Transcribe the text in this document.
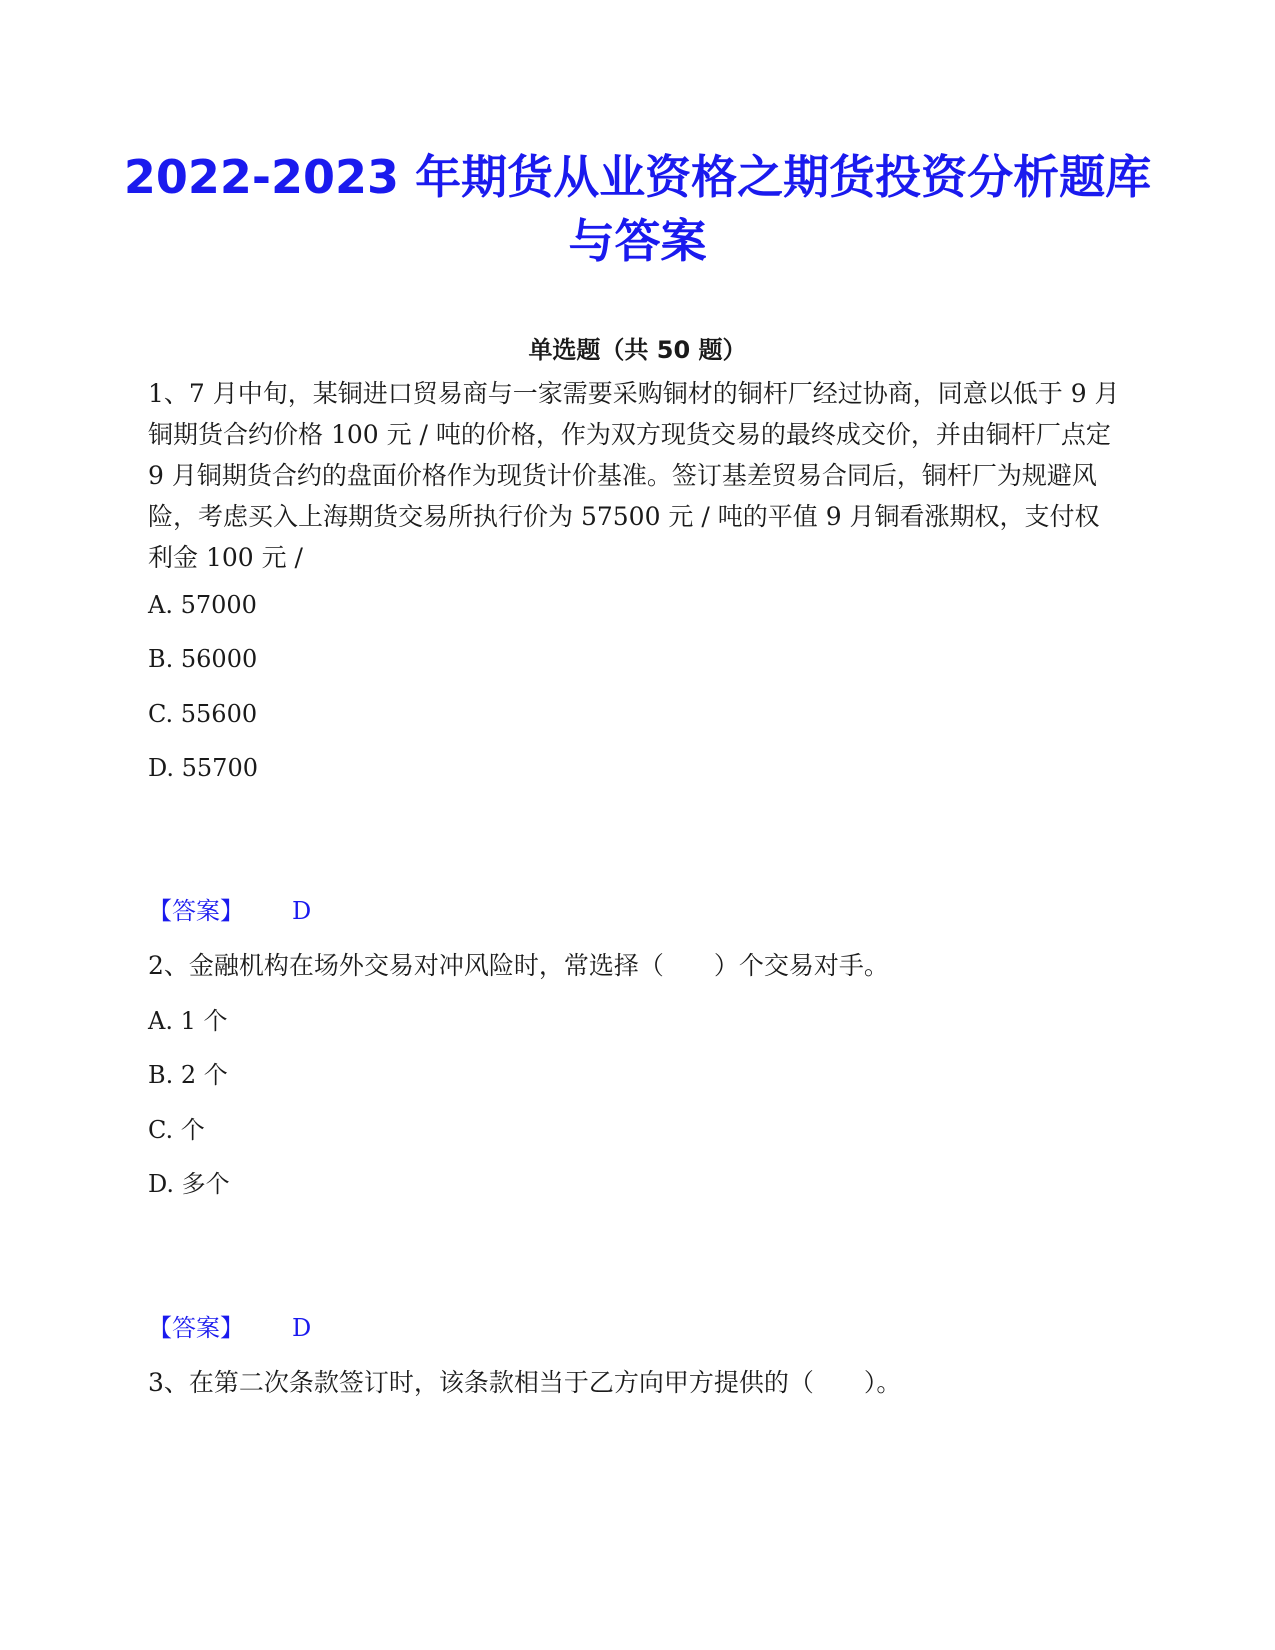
2022-2023 年期货从业资格之期货投资分析题库与答案
单选题（共 50 题）
1、7 月中旬，某铜进口贸易商与一家需要采购铜材的铜杆厂经过协商，同意以低于 9 月铜期货合约价格 100 元 / 吨的价格，作为双方现货交易的最终成交价，并由铜杆厂点定 9 月铜期货合约的盘面价格作为现货计价基准。签订基差贸易合同后，铜杆厂为规避风险，考虑买入上海期货交易所执行价为 57500 元 / 吨的平值 9 月铜看涨期权，支付权利金 100 元 /
A. 57000
B. 56000
C. 55600
D. 55700
【答案】 D
2、金融机构在场外交易对冲风险时，常选择（　　）个交易对手。
A. 1 个
B. 2 个
C. 个
D. 多个
【答案】 D
3、在第二次条款签订时，该条款相当于乙方向甲方提供的（　　）。
